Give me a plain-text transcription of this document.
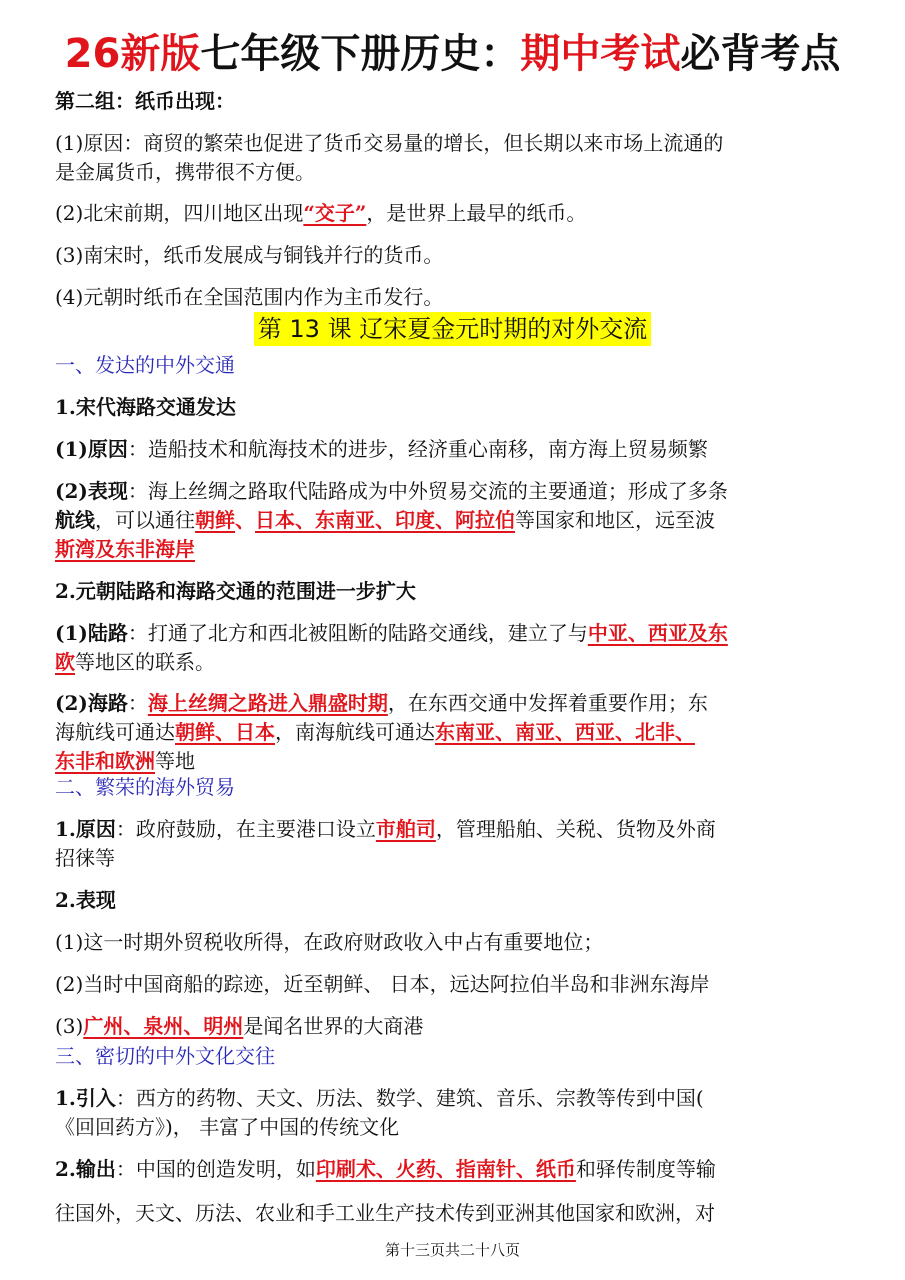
26新版七年级下册历史：期中考试必背考点
第二组：纸币出现：
(1)原因：商贸的繁荣也促进了货币交易量的增长，但长期以来市场上流通的
是金属货币，携带很不方便。
(2)北宋前期，四川地区出现“交子”，是世界上最早的纸币。
(3)南宋时，纸币发展成与铜钱并行的货币。
(4)元朝时纸币在全国范围内作为主币发行。
第 13 课 辽宋夏金元时期的对外交流
一、发达的中外交通
1.宋代海路交通发达
(1)原因：造船技术和航海技术的进步，经济重心南移，南方海上贸易频繁
(2)表现：海上丝绸之路取代陆路成为中外贸易交流的主要通道；形成了多条
航线，可以通往朝鲜、日本、东南亚、印度、阿拉伯等国家和地区，远至波
斯湾及东非海岸
2.元朝陆路和海路交通的范围进一步扩大
(1)陆路：打通了北方和西北被阻断的陆路交通线，建立了与中亚、西亚及东
欧等地区的联系。
(2)海路：海上丝绸之路进入鼎盛时期，在东西交通中发挥着重要作用；东
海航线可通达朝鲜、日本，南海航线可通达东南亚、南亚、西亚、北非、
东非和欧洲等地
二、繁荣的海外贸易
1.原因：政府鼓励，在主要港口设立市舶司，管理船舶、关税、货物及外商
招徕等
2.表现
(1)这一时期外贸税收所得，在政府财政收入中占有重要地位；
(2)当时中国商船的踪迹，近至朝鲜、 日本，远达阿拉伯半岛和非洲东海岸
(3)广州、泉州、明州是闻名世界的大商港
三、密切的中外文化交往
1.引入：西方的药物、天文、历法、数学、建筑、音乐、宗教等传到中国(
《回回药方》)， 丰富了中国的传统文化
2.输出：中国的创造发明，如印刷术、火药、指南针、纸币和驿传制度等输
往国外，天文、历法、农业和手工业生产技术传到亚洲其他国家和欧洲，对
第十三页共二十八页
